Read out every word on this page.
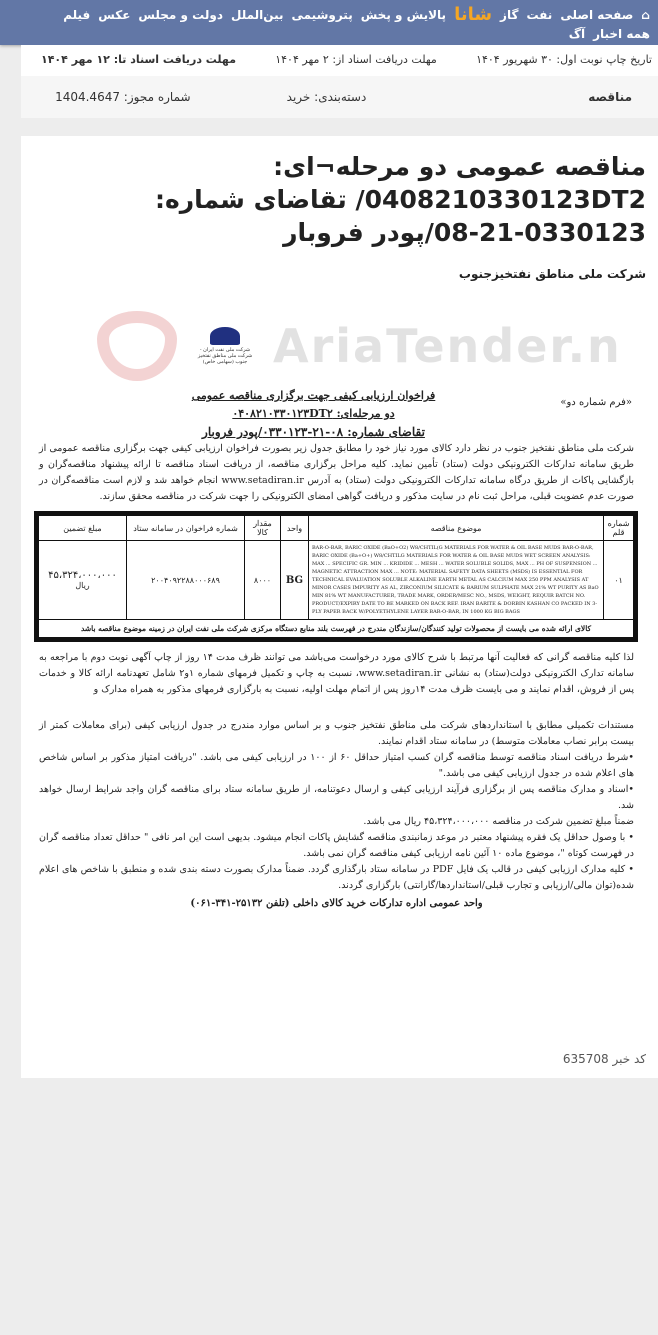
⌂
صفحه اصلی
نفت
گاز
شانا
پالایش و پخش
پتروشیمی
بین‌الملل
دولت و مجلس
عکس
فیلم
همه اخبار
آگ
تاریخ چاپ نوبت اول: ۳۰ شهریور ۱۴۰۴
مهلت دریافت اسناد از: ۲ مهر ۱۴۰۴
مهلت دریافت اسناد تا: ۱۲ مهر ۱۴۰۴
مناقصه
دسته‌بندی: خرید
شماره مجوز: 1404.4647
مناقصه عمومی دو مرحله¬ای: 0408210330123DT2/ تقاضای شماره: 0330123-21-08/پودر فروبار
شرکت ملی مناطق نفتخیزجنوب
شرکت ملی نفت ایران - شرکت ملی مناطق نفتخیز جنوب (سهامی خاص) AriaTender.n
«فرم شماره دو»
فراخوان ارزیابی کیفی جهت برگزاری مناقصه عمومی
دو مرحله‌ای: ۰۴۰۸۲۱۰۳۳۰۱۲۳DT۲
تقاضای شماره: ۰۸-۲۱-۰۳۳۰۱۲۳/پودر فروبار

شرکت ملی مناطق نفتخیز جنوب در نظر دارد کالای مورد نیاز خود را مطابق جدول زیر بصورت فراخوان ارزیابی کیفی جهت برگزاری مناقصه عمومی از طریق سامانه تدارکات الکترونیکی دولت (ستاد) تأمین نماید. کلیه مراحل برگزاری مناقصه، از دریافت اسناد مناقصه تا ارائه پیشنهاد مناقصه‌گران و بازگشایی پاکات از طریق درگاه سامانه تدارکات الکترونیکی دولت (ستاد) به آدرس www.setadiran.ir انجام خواهد شد و لازم است مناقصه‌گران در صورت عدم عضویت قبلی، مراحل ثبت نام در سایت مذکور و دریافت گواهی امضای الکترونیکی را جهت شرکت در مناقصه محقق سازند.

شماره قلم	موضوع مناقصه	واحد	مقدار کالا	شماره فراخوان در سامانه ستاد	مبلغ تضمین
۰۱	BAR-O-BAR, BARIC OXIDE (BaO+O2) W8/CHTIL(G MATERIALS FOR WATER & OIL BASE MUDS BAR-O-BAR, BARIC OXIDE (Ba+O+) W8/CHTILG MATERIALS FOR WATER & OIL BASE MUDS WET SCREEN ANALYSIS: MAX ... SPECIFIC GR. MIN ... KRIDIDE ... MESH ... WATER SOLUBLE SOLIDS, MAX ... PH OF SUSPENSION ... MAGNETIC ATTRACTION MAX ... NOTE: MATERIAL SAFETY DATA SHEETS (MSDS) IS ESSENTIAL FOR TECHNICAL EVALUATION SOLUBLE ALKALINE EARTH METAL AS CALCIUM MAX 250 PPM ANALYSIS AT MINOR CASES IMPURITY AS AL, ZIRCONIUM SILICATE & BARIUM SULPHATE MAX 21% WT PURITY AS BaO MIN 81% WT MANUFACTURER, TRADE MARK, ORDER/MESC NO., MSDS, WEIGHT, REQUIR BATCH NO. PRODUCT/EXPIRY DATE TO BE MARKED ON BACK REF. IRAN BARITE & DORBIN KASHAN CO PACKED IN 3-PLY PAPER BACK W/POLYETHYLENE LAYER BAR-O-BAR, IN 1000 KG BIG BAGS	BG	۸۰۰۰	۲۰۰۴۰۹۲۲۸۸۰۰۰۶۸۹	۴۵،۳۲۴،۰۰۰،۰۰۰
ریال

کالای ارائه شده می بایست از محصولات تولید کنندگان/سازندگان مندرج در فهرست بلند منابع دستگاه مرکزی شرکت ملی نفت ایران در زمینه موضوع مناقصه باشد					

لذا کلیه مناقصه گرانی که فعالیت آنها مرتبط با شرح کالای مورد درخواست می‌باشد می توانند ظرف مدت ۱۴ روز از چاپ آگهی نوبت دوم با مراجعه به سامانه تدارک الکترونیکی دولت(ستاد) به نشانی www.setadiran.ir، نسبت به چاپ و تکمیل فرمهای شماره ۱و۲ شامل تعهدنامه ارائه کالا و خدمات پس از فروش، اقدام نمایند و می بایست ظرف مدت ۱۴روز پس از اتمام مهلت اولیه، نسبت به بارگزاری فرمهای مذکور به همراه مدارک و

مستندات تکمیلی مطابق با استانداردهای شرکت ملی مناطق نفتخیز جنوب و بر اساس موارد مندرج در جدول ارزیابی کیفی (برای معاملات کمتر از بیست برابر نصاب معاملات متوسط) در سامانه ستاد اقدام نمایند.

•شرط دریافت اسناد مناقصه توسط مناقصه گران کسب امتیاز حداقل ۶۰ از ۱۰۰ در ارزیابی کیفی می باشد. "دریافت امتیاز مذکور بر اساس شاخص های اعلام شده در جدول ارزیابی کیفی می باشد."

•اسناد و مدارک مناقصه پس از برگزاری فرآیند ارزیابی کیفی و ارسال دعوتنامه، از طریق سامانه ستاد برای مناقصه گران واجد شرایط ارسال خواهد شد.

ضمناً مبلغ تضمین شرکت در مناقصه ۴۵،۳۲۴،۰۰۰،۰۰۰ ریال می باشد.

• با وصول حداقل یک فقره پیشنهاد معتبر در موعد زمانبندی مناقصه گشایش پاکات انجام میشود. بدیهی است این امر نافی " حداقل تعداد مناقصه گران در فهرست کوتاه "، موضوع ماده ۱۰ آئین نامه ارزیابی کیفی مناقصه گران نمی باشد.

• کلیه مدارک ارزیابی کیفی در قالب یک فایل PDF در سامانه ستاد بارگذاری گردد. ضمناً مدارک بصورت دسته بندی شده و منطبق با شاخص های اعلام شده(توان مالی/ارزیابی و تجارب قبلی/استانداردها/گارانتی) بارگزاری گردند.

واحد عمومی اداره تدارکات خرید کالای داخلی (تلفن ۲۵۱۳۲-۳۴۱-۰۶۱)

کد خبر 635708
